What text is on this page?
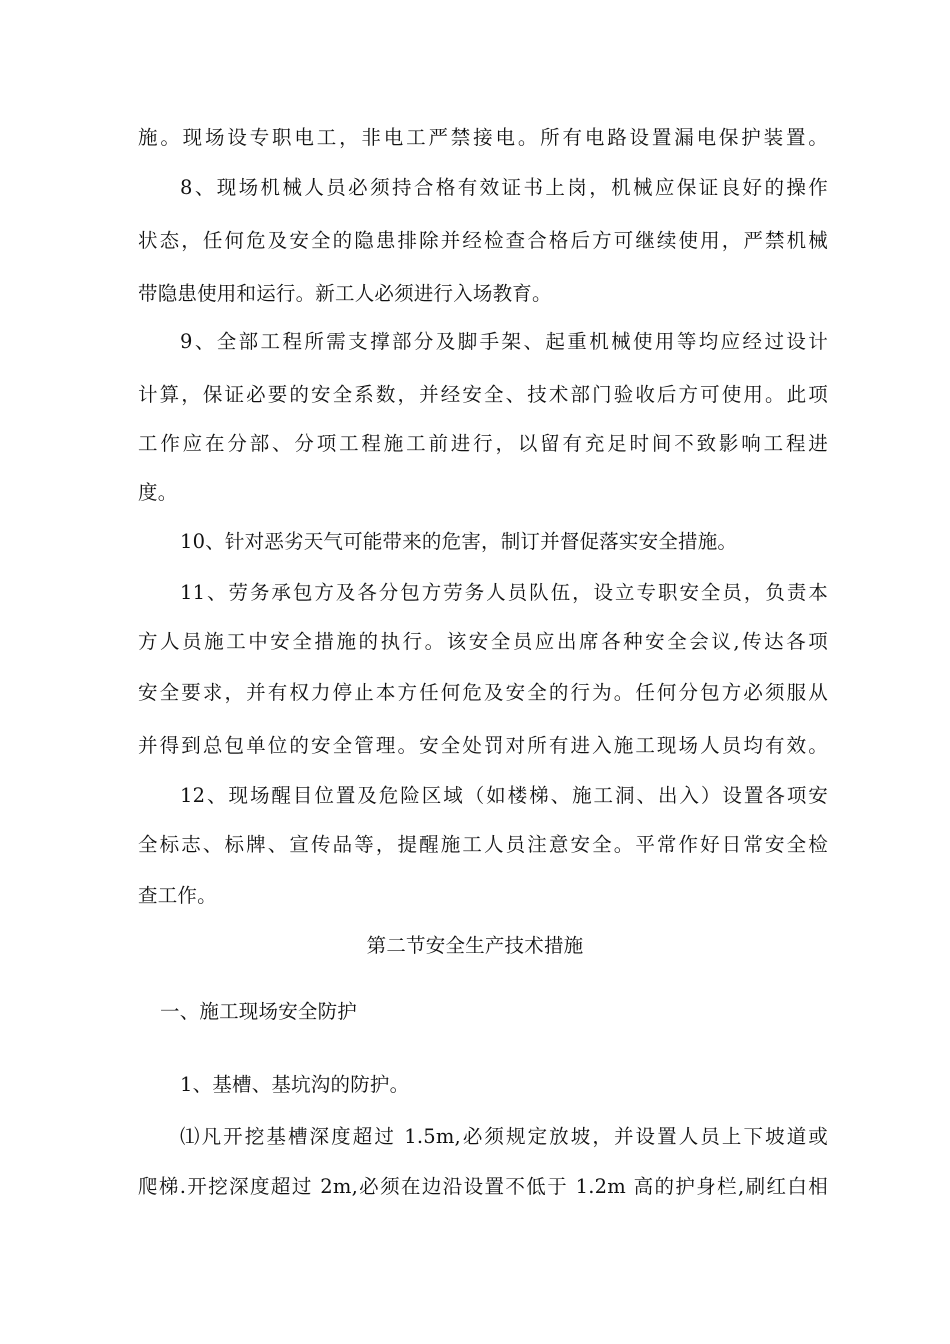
施。现场设专职电工，非电工严禁接电。所有电路设置漏电保护装置。
8、现场机械人员必须持合格有效证书上岗，机械应保证良好的操作
状态，任何危及安全的隐患排除并经检查合格后方可继续使用，严禁机械
带隐患使用和运行。新工人必须进行入场教育。
9、全部工程所需支撑部分及脚手架、起重机械使用等均应经过设计
计算，保证必要的安全系数，并经安全、技术部门验收后方可使用。此项
工作应在分部、分项工程施工前进行，以留有充足时间不致影响工程进
度。
10、针对恶劣天气可能带来的危害，制订并督促落实安全措施。
11、劳务承包方及各分包方劳务人员队伍，设立专职安全员，负责本
方人员施工中安全措施的执行。该安全员应出席各种安全会议,传达各项
安全要求，并有权力停止本方任何危及安全的行为。任何分包方必须服从
并得到总包单位的安全管理。安全处罚对所有进入施工现场人员均有效。
12、现场醒目位置及危险区域（如楼梯、施工洞、出入）设置各项安
全标志、标牌、宣传品等，提醒施工人员注意安全。平常作好日常安全检
查工作。
第二节安全生产技术措施
一、施工现场安全防护
1、基槽、基坑沟的防护。
⑴凡开挖基槽深度超过 1.5m,必须规定放坡，并设置人员上下坡道或
爬梯.开挖深度超过 2m,必须在边沿设置不低于 1.2m 高的护身栏,刷红白相
